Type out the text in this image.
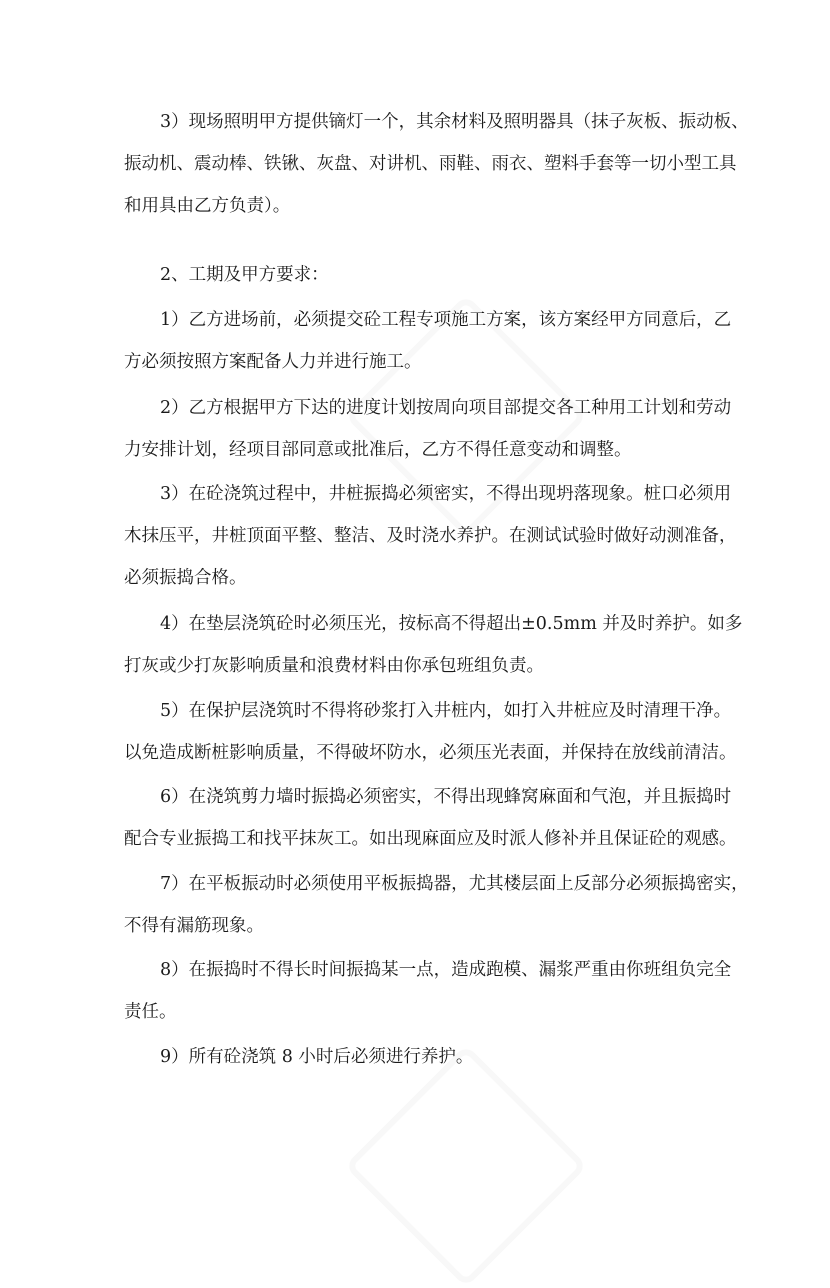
3）现场照明甲方提供镝灯一个，其余材料及照明器具（抹子灰板、振动板、
振动机、震动棒、铁锹、灰盘、对讲机、雨鞋、雨衣、塑料手套等一切小型工具
和用具由乙方负责）。
2、工期及甲方要求：
1）乙方进场前，必须提交砼工程专项施工方案，该方案经甲方同意后，乙
方必须按照方案配备人力并进行施工。
2）乙方根据甲方下达的进度计划按周向项目部提交各工种用工计划和劳动
力安排计划，经项目部同意或批准后，乙方不得任意变动和调整。
3）在砼浇筑过程中，井桩振捣必须密实，不得出现坍落现象。桩口必须用
木抹压平，井桩顶面平整、整洁、及时浇水养护。在测试试验时做好动测准备，
必须振捣合格。
4）在垫层浇筑砼时必须压光，按标高不得超出±0.5mm 并及时养护。如多
打灰或少打灰影响质量和浪费材料由你承包班组负责。
5）在保护层浇筑时不得将砂浆打入井桩内，如打入井桩应及时清理干净。
以免造成断桩影响质量，不得破坏防水，必须压光表面，并保持在放线前清洁。
6）在浇筑剪力墙时振捣必须密实，不得出现蜂窝麻面和气泡，并且振捣时
配合专业振捣工和找平抹灰工。如出现麻面应及时派人修补并且保证砼的观感。
7）在平板振动时必须使用平板振捣器，尤其楼层面上反部分必须振捣密实，
不得有漏筋现象。
8）在振捣时不得长时间振捣某一点，造成跑模、漏浆严重由你班组负完全
责任。
9）所有砼浇筑 8 小时后必须进行养护。
